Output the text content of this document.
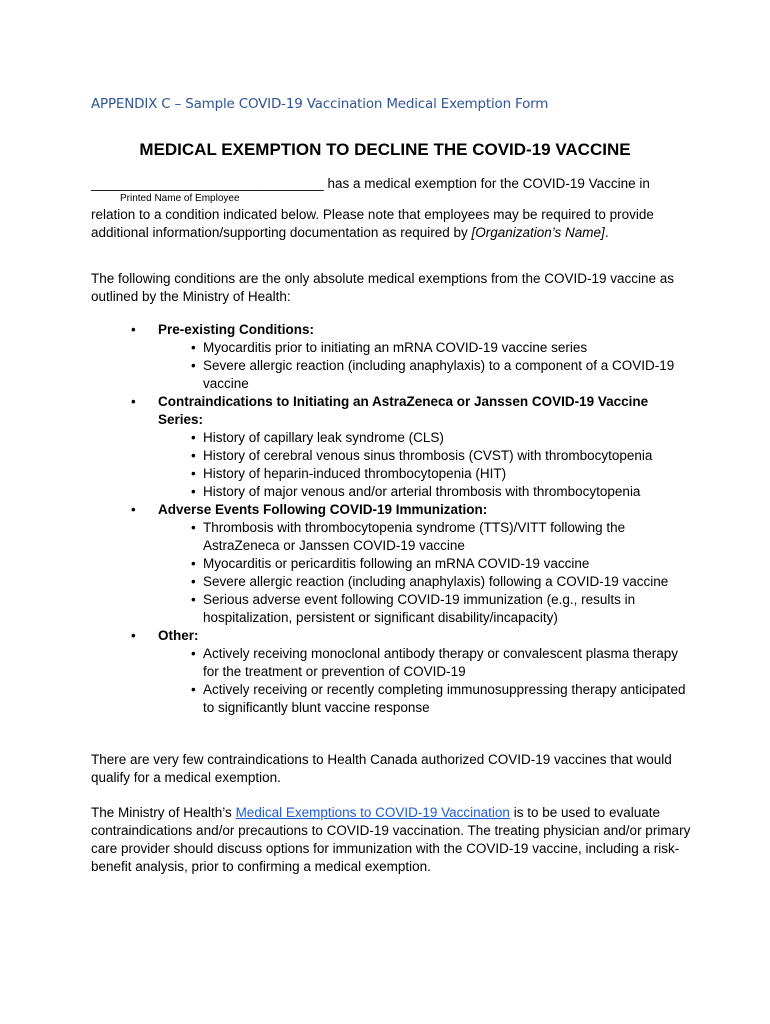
APPENDIX C – Sample COVID-19 Vaccination Medical Exemption Form
MEDICAL EXEMPTION TO DECLINE THE COVID-19 VACCINE
_______________________________ has a medical exemption for the COVID-19 Vaccine in
Printed Name of Employee
relation to a condition indicated below. Please note that employees may be required to provide additional information/supporting documentation as required by [Organization’s Name].
The following conditions are the only absolute medical exemptions from the COVID-19 vaccine as outlined by the Ministry of Health:
• Pre-existing Conditions:
• Myocarditis prior to initiating an mRNA COVID-19 vaccine series
• Severe allergic reaction (including anaphylaxis) to a component of a COVID-19 vaccine
• Contraindications to Initiating an AstraZeneca or Janssen COVID-19 Vaccine Series:
• History of capillary leak syndrome (CLS)
• History of cerebral venous sinus thrombosis (CVST) with thrombocytopenia
• History of heparin-induced thrombocytopenia (HIT)
• History of major venous and/or arterial thrombosis with thrombocytopenia
• Adverse Events Following COVID-19 Immunization:
• Thrombosis with thrombocytopenia syndrome (TTS)/VITT following the AstraZeneca or Janssen COVID-19 vaccine
• Myocarditis or pericarditis following an mRNA COVID-19 vaccine
• Severe allergic reaction (including anaphylaxis) following a COVID-19 vaccine
• Serious adverse event following COVID-19 immunization (e.g., results in hospitalization, persistent or significant disability/incapacity)
• Other:
• Actively receiving monoclonal antibody therapy or convalescent plasma therapy for the treatment or prevention of COVID-19
• Actively receiving or recently completing immunosuppressing therapy anticipated to significantly blunt vaccine response
There are very few contraindications to Health Canada authorized COVID-19 vaccines that would qualify for a medical exemption.
The Ministry of Health’s Medical Exemptions to COVID-19 Vaccination is to be used to evaluate contraindications and/or precautions to COVID-19 vaccination. The treating physician and/or primary care provider should discuss options for immunization with the COVID-19 vaccine, including a risk-benefit analysis, prior to confirming a medical exemption.
